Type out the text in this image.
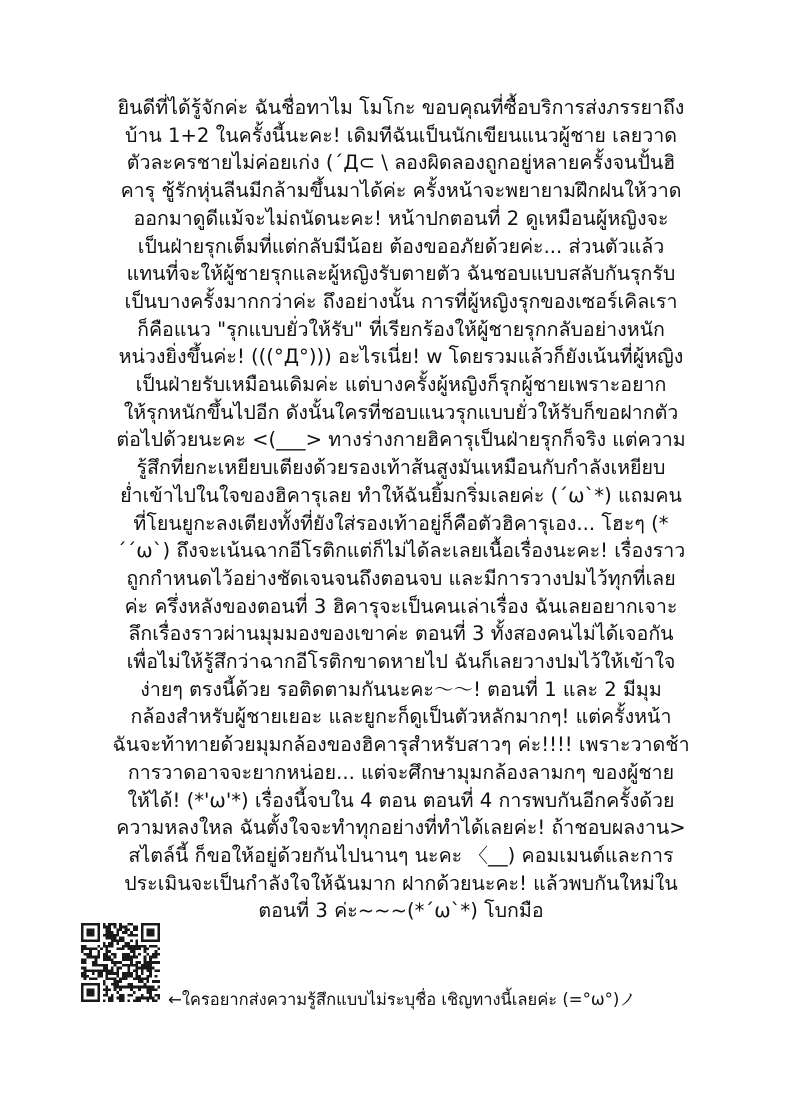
ยินดีที่ได้รู้จักค่ะ ฉันชื่อทาไม โมโกะ ขอบคุณที่ซื้อบริการส่งภรรยาถึง
บ้าน 1+2 ในครั้งนี้นะคะ! เดิมทีฉันเป็นนักเขียนแนวผู้ชาย เลยวาด
ตัวละครชายไม่ค่อยเก่ง (´Д⊂ \ ลองผิดลองถูกอยู่หลายครั้งจนปั้นฮิ
คารุ ชู้รักหุ่นลีนมีกล้ามขึ้นมาได้ค่ะ ครั้งหน้าจะพยายามฝึกฝนให้วาด
ออกมาดูดีแม้จะไม่ถนัดนะคะ! หน้าปกตอนที่ 2 ดูเหมือนผู้หญิงจะ
เป็นฝ่ายรุกเต็มที่แต่กลับมีน้อย ต้องขออภัยด้วยค่ะ... ส่วนตัวแล้ว
แทนที่จะให้ผู้ชายรุกและผู้หญิงรับตายตัว ฉันชอบแบบสลับกันรุกรับ
เป็นบางครั้งมากกว่าค่ะ ถึงอย่างนั้น การที่ผู้หญิงรุกของเซอร์เคิลเรา
ก็คือแนว "รุกแบบยั่วให้รับ" ที่เรียกร้องให้ผู้ชายรุกกลับอย่างหนัก
หน่วงยิ่งขึ้นค่ะ! (((°Д°))) อะไรเนี่ย! w โดยรวมแล้วก็ยังเน้นที่ผู้หญิง
เป็นฝ่ายรับเหมือนเดิมค่ะ แต่บางครั้งผู้หญิงก็รุกผู้ชายเพราะอยาก
ให้รุกหนักขึ้นไปอีก ดังนั้นใครที่ชอบแนวรุกแบบยั่วให้รับก็ขอฝากตัว
ต่อไปด้วยนะคะ <(___> ทางร่างกายฮิคารุเป็นฝ่ายรุกก็จริง แต่ความ
รู้สึกที่ยกะเหยียบเตียงด้วยรองเท้าส้นสูงมันเหมือนกับกำลังเหยียบ
ย่ำเข้าไปในใจของฮิคารุเลย ทำให้ฉันยิ้มกริ่มเลยค่ะ (´ω`*) แถมคน
ที่โยนยูกะลงเตียงทั้งที่ยังใส่รองเท้าอยู่ก็คือตัวฮิคารุเอง... โฮะๆ (*
´´ω`) ถึงจะเน้นฉากอีโรติกแต่ก็ไม่ได้ละเลยเนื้อเรื่องนะคะ! เรื่องราว
ถูกกำหนดไว้อย่างชัดเจนจนถึงตอนจบ และมีการวางปมไว้ทุกที่เลย
ค่ะ ครึ่งหลังของตอนที่ 3 ฮิคารุจะเป็นคนเล่าเรื่อง ฉันเลยอยากเจาะ
ลึกเรื่องราวผ่านมุมมองของเขาค่ะ ตอนที่ 3 ทั้งสองคนไม่ได้เจอกัน
เพื่อไม่ให้รู้สึกว่าฉากอีโรติกขาดหายไป ฉันก็เลยวางปมไว้ให้เข้าใจ
ง่ายๆ ตรงนี้ด้วย รอติดตามกันนะคะ〜〜! ตอนที่ 1 และ 2 มีมุม
กล้องสำหรับผู้ชายเยอะ และยูกะก็ดูเป็นตัวหลักมากๆ! แต่ครั้งหน้า
ฉันจะท้าทายด้วยมุมกล้องของฮิคารุสำหรับสาวๆ ค่ะ!!!! เพราะวาดช้า
การวาดอาจจะยากหน่อย... แต่จะศึกษามุมกล้องลามกๆ ของผู้ชาย
ให้ได้! (*'ω'*) เรื่องนี้จบใน 4 ตอน ตอนที่ 4 การพบกันอีกครั้งด้วย
ความหลงใหล ฉันตั้งใจจะทำทุกอย่างที่ทำได้เลยค่ะ! ถ้าชอบผลงาน>
สไตล์นี้ ก็ขอให้อยู่ด้วยกันไปนานๆ นะคะ 〈__) คอมเมนต์และการ
ประเมินจะเป็นกำลังใจให้ฉันมาก ฝากด้วยนะคะ! แล้วพบกันใหม่ใน
ตอนที่ 3 ค่ะ~~~(*´ω`*) โบกมือ

←ใครอยากส่งความรู้สึกแบบไม่ระบุชื่อ เชิญทางนี้เลยค่ะ (=°ω°)ノ
